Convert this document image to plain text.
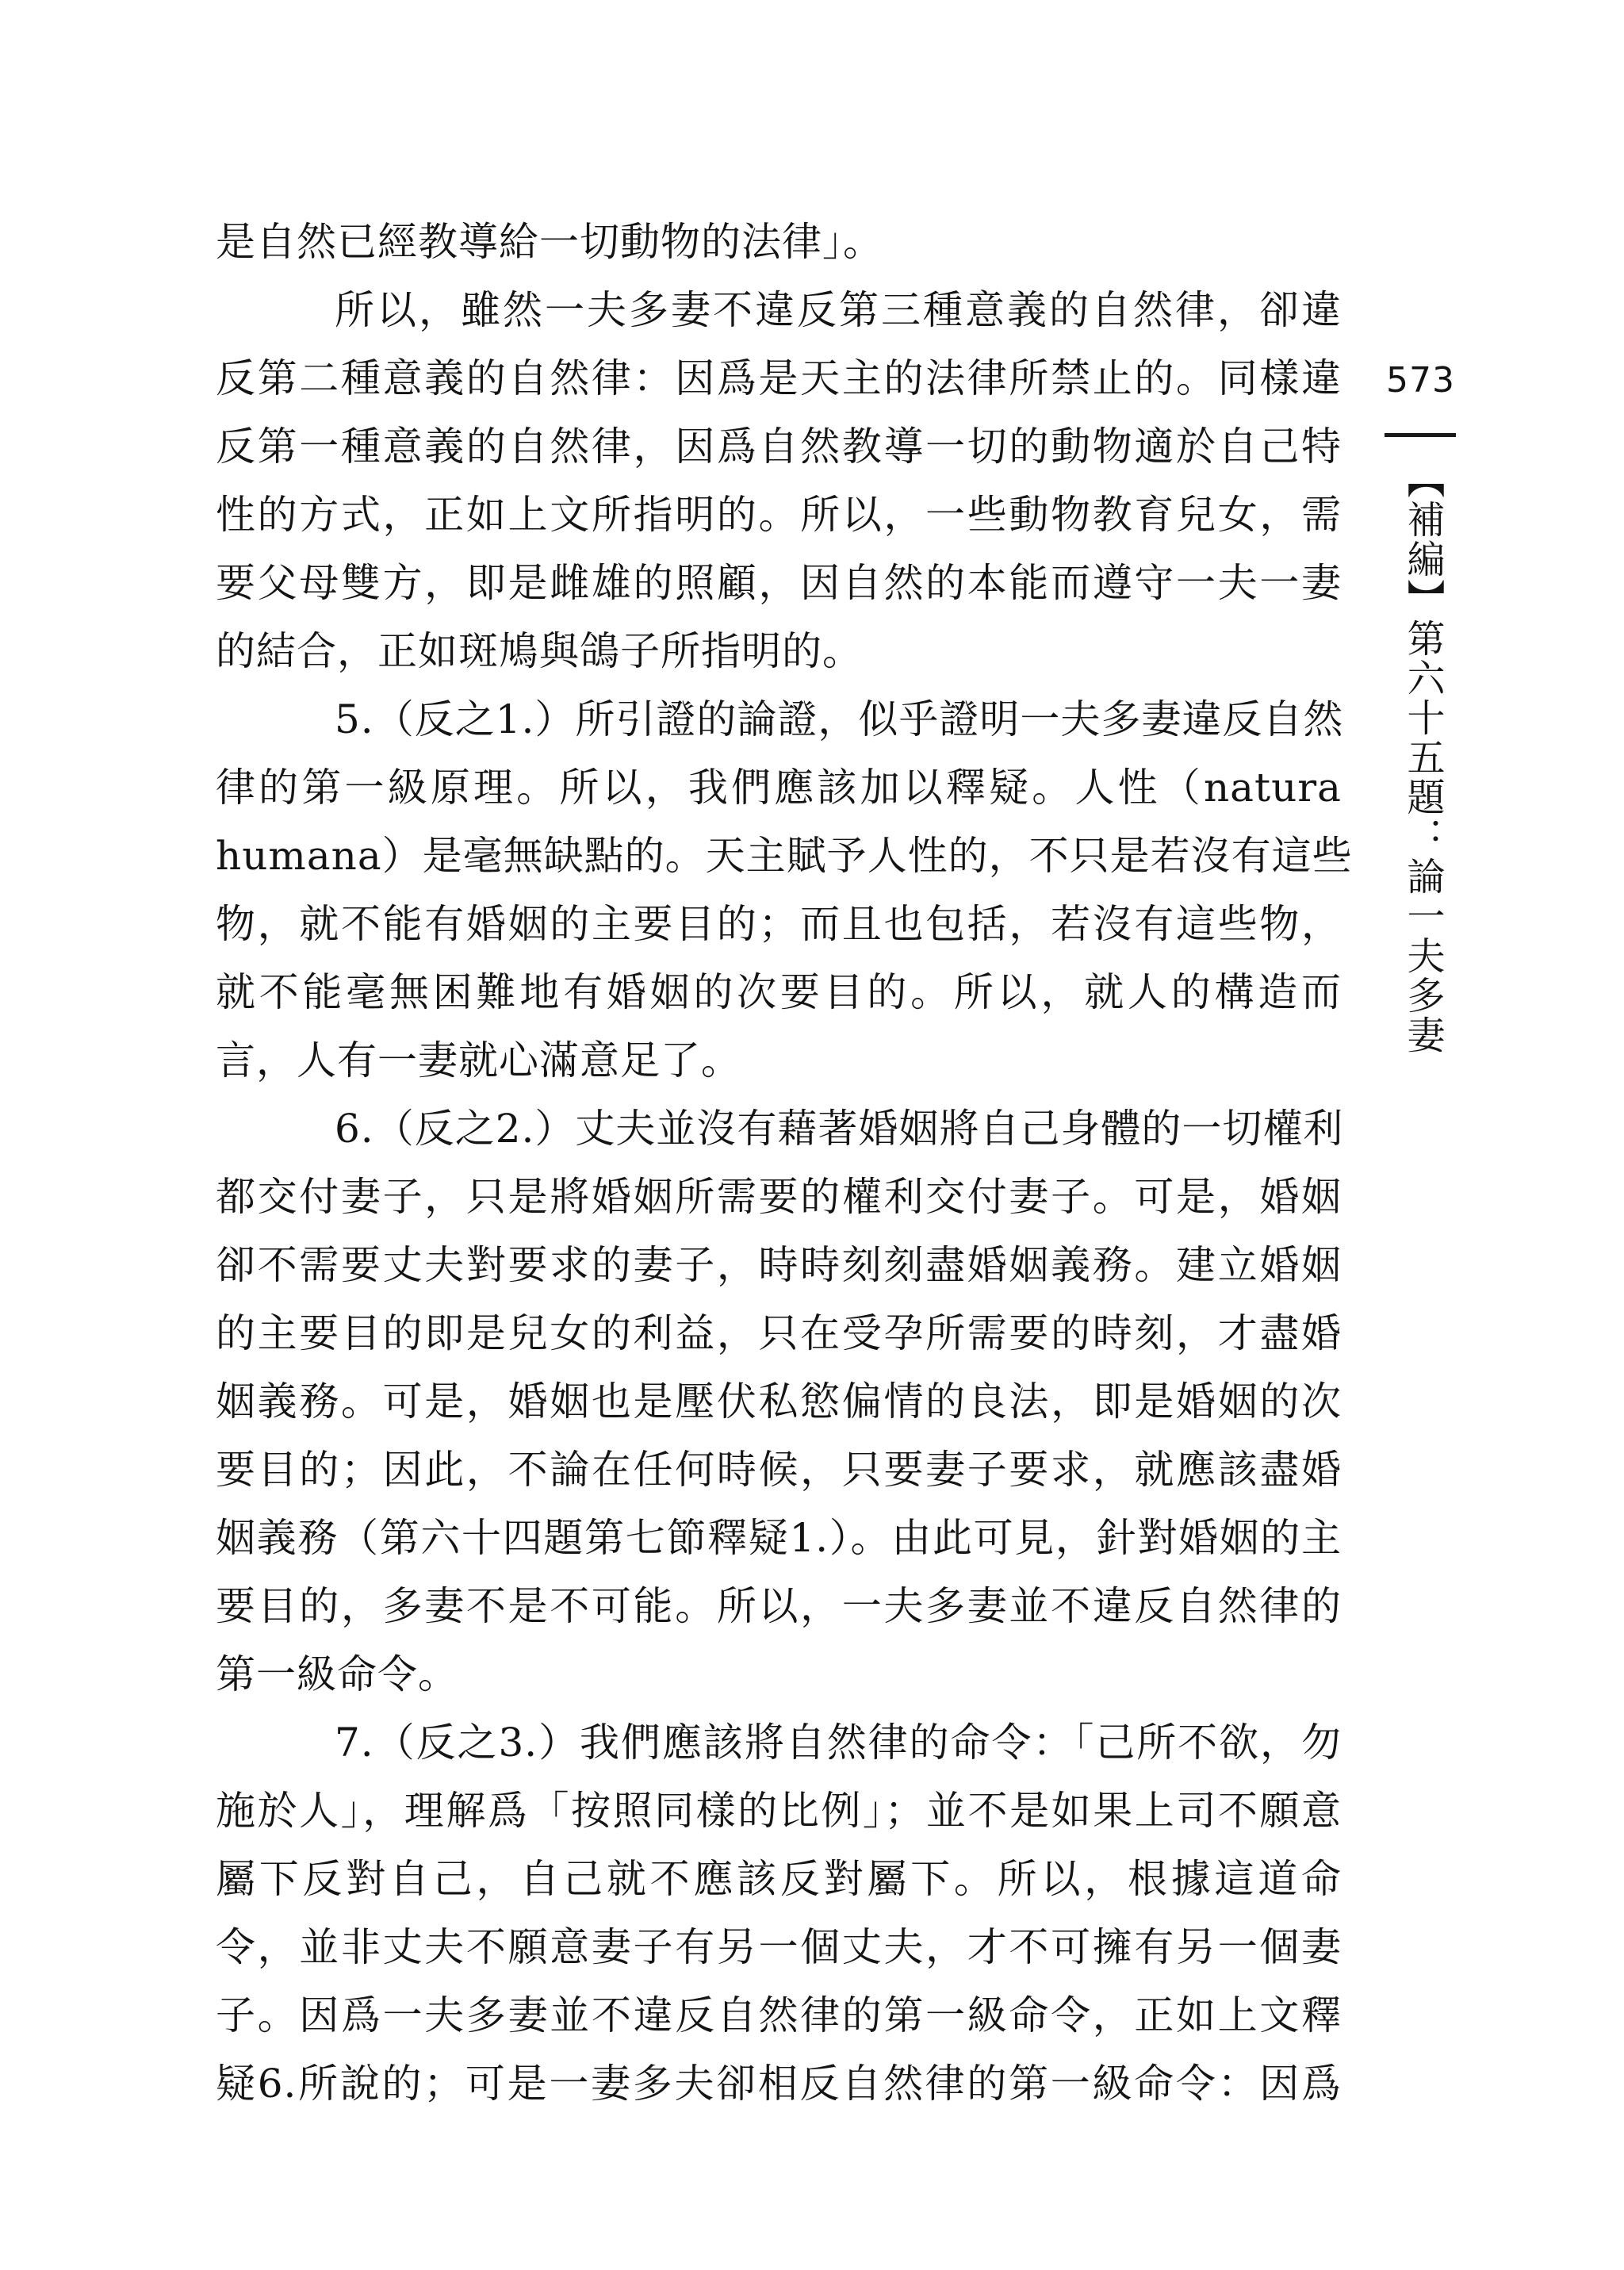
是自然已經教導給一切動物的法律」。
所以，雖然一夫多妻不違反第三種意義的自然律，卻違
反第二種意義的自然律：因爲是天主的法律所禁止的。同樣違
反第一種意義的自然律，因爲自然教導一切的動物適於自己特
性的方式，正如上文所指明的。所以，一些動物教育兒女，需
要父母雙方，即是雌雄的照顧，因自然的本能而遵守一夫一妻
的結合，正如斑鳩與鴿子所指明的。
5.（反之1.）所引證的論證，似乎證明一夫多妻違反自然
律的第一級原理。所以，我們應該加以釋疑。人性（natura
humana）是毫無缺點的。天主賦予人性的，不只是若沒有這些
物，就不能有婚姻的主要目的；而且也包括，若沒有這些物，
就不能毫無困難地有婚姻的次要目的。所以，就人的構造而
言，人有一妻就心滿意足了。
6.（反之2.）丈夫並沒有藉著婚姻將自己身體的一切權利
都交付妻子，只是將婚姻所需要的權利交付妻子。可是，婚姻
卻不需要丈夫對要求的妻子，時時刻刻盡婚姻義務。建立婚姻
的主要目的即是兒女的利益，只在受孕所需要的時刻，才盡婚
姻義務。可是，婚姻也是壓伏私慾偏情的良法，即是婚姻的次
要目的；因此，不論在任何時候，只要妻子要求，就應該盡婚
姻義務（第六十四題第七節釋疑1.）。由此可見，針對婚姻的主
要目的，多妻不是不可能。所以，一夫多妻並不違反自然律的
第一級命令。
7.（反之3.）我們應該將自然律的命令：「己所不欲，勿
施於人」，理解爲「按照同樣的比例」；並不是如果上司不願意
屬下反對自己，自己就不應該反對屬下。所以，根據這道命
令，並非丈夫不願意妻子有另一個丈夫，才不可擁有另一個妻
子。因爲一夫多妻並不違反自然律的第一級命令，正如上文釋
疑6.所說的；可是一妻多夫卻相反自然律的第一級命令：因爲
573
【補編】第六十五題：論一夫多妻
